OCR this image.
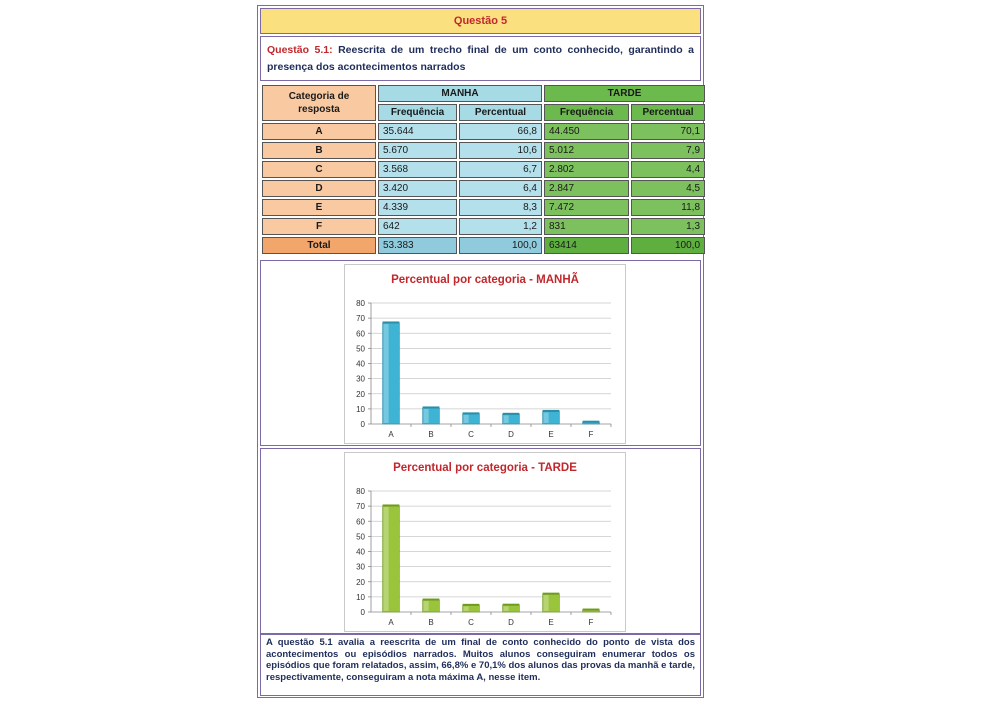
Questão 5
Questão 5.1: Reescrita de um trecho final de um conto conhecido, garantindo a presença dos acontecimentos narrados
Categoria de resposta	MANHA		TARDE	
	Frequência	Percentual	Frequência	Percentual
A	35.644	66,8	44.450	70,1
B	5.670	10,6	5.012	7,9
C	3.568	6,7	2.802	4,4
D	3.420	6,4	2.847	4,5
E	4.339	8,3	7.472	11,8
F	642	1,2	831	1,3
Total	53.383	100,0	63414	100,0
Percentual por categoria - MANHÃ
0
10
20
30
40
50
60
70
80
A	B	C	D	E	F
Percentual por categoria - TARDE
0
10
20
30
40
50
60
70
80
A	B	C	D	E	F
A questão 5.1 avalia a reescrita de um final de conto conhecido do ponto de vista dos acontecimentos ou episódios narrados. Muitos alunos conseguiram enumerar todos os episódios que foram relatados, assim, 66,8% e 70,1% dos alunos das provas da manhã e tarde, respectivamente, conseguiram a nota máxima A, nesse item.
